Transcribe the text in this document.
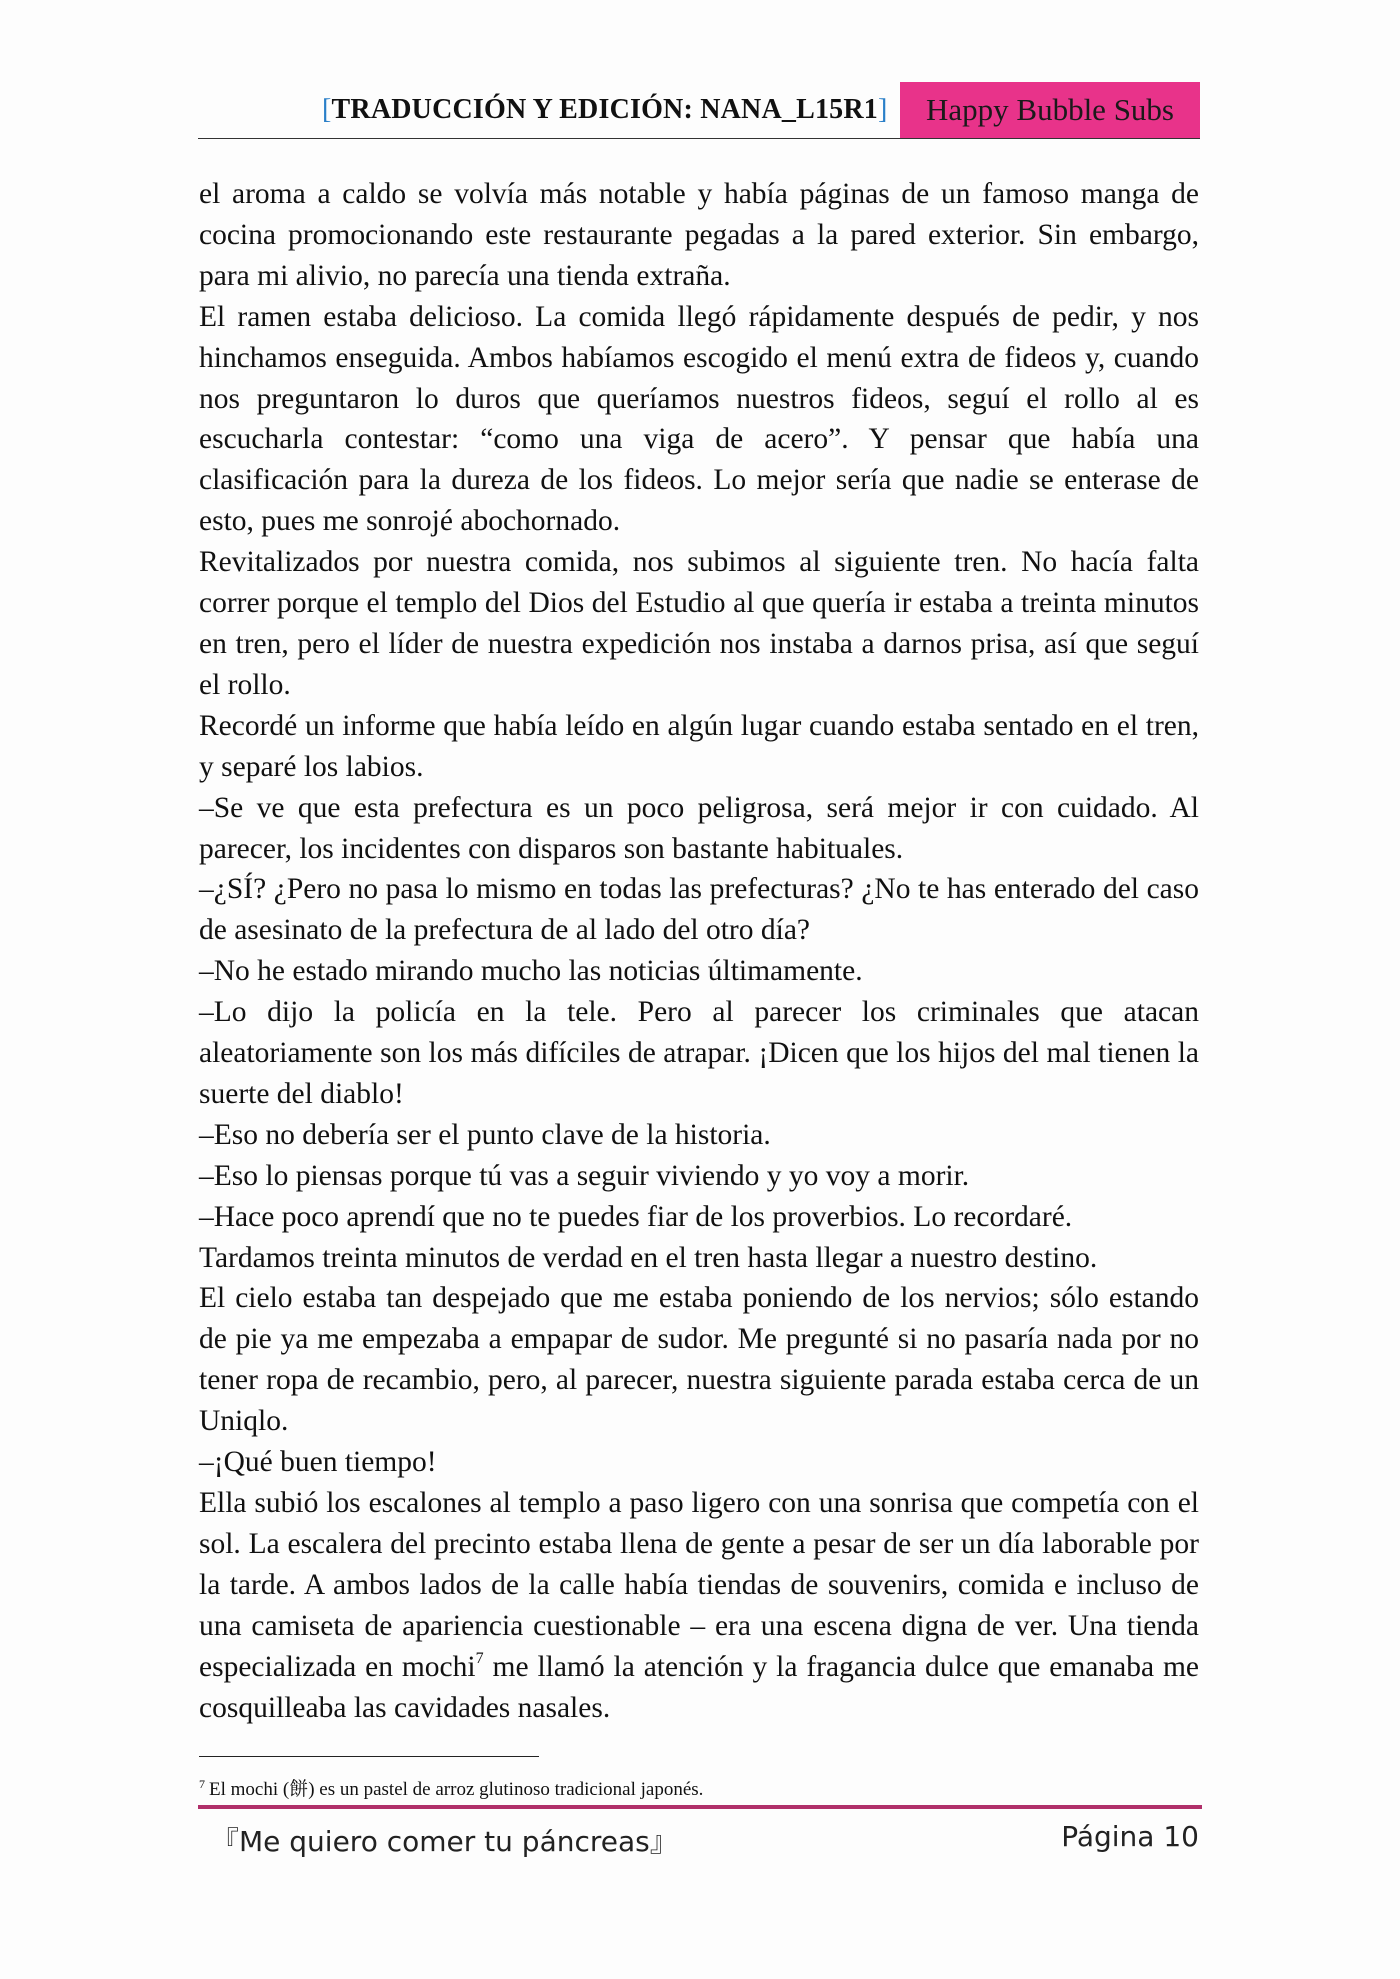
[TRADUCCIÓN Y EDICIÓN: NANA_L15R1]	Happy Bubble Subs

el aroma a caldo se volvía más notable y había páginas de un famoso manga de cocina promocionando este restaurante pegadas a la pared exterior. Sin embargo, para mi alivio, no parecía una tienda extraña.

El ramen estaba delicioso. La comida llegó rápidamente después de pedir, y nos hinchamos enseguida. Ambos habíamos escogido el menú extra de fideos y, cuando nos preguntaron lo duros que queríamos nuestros fideos, seguí el rollo al es escucharla contestar: “como una viga de acero”. Y pensar que había una clasificación para la dureza de los fideos. Lo mejor sería que nadie se enterase de esto, pues me sonrojé abochornado.

Revitalizados por nuestra comida, nos subimos al siguiente tren. No hacía falta correr porque el templo del Dios del Estudio al que quería ir estaba a treinta minutos en tren, pero el líder de nuestra expedición nos instaba a darnos prisa, así que seguí el rollo.

Recordé un informe que había leído en algún lugar cuando estaba sentado en el tren, y separé los labios.

–Se ve que esta prefectura es un poco peligrosa, será mejor ir con cuidado. Al parecer, los incidentes con disparos son bastante habituales.

–¿SÍ? ¿Pero no pasa lo mismo en todas las prefecturas? ¿No te has enterado del caso de asesinato de la prefectura de al lado del otro día?

–No he estado mirando mucho las noticias últimamente.

–Lo dijo la policía en la tele. Pero al parecer los criminales que atacan aleatoriamente son los más difíciles de atrapar. ¡Dicen que los hijos del mal tienen la suerte del diablo!

–Eso no debería ser el punto clave de la historia.

–Eso lo piensas porque tú vas a seguir viviendo y yo voy a morir.

–Hace poco aprendí que no te puedes fiar de los proverbios. Lo recordaré.

Tardamos treinta minutos de verdad en el tren hasta llegar a nuestro destino.

El cielo estaba tan despejado que me estaba poniendo de los nervios; sólo estando de pie ya me empezaba a empapar de sudor. Me pregunté si no pasaría nada por no tener ropa de recambio, pero, al parecer, nuestra siguiente parada estaba cerca de un Uniqlo.

–¡Qué buen tiempo!

Ella subió los escalones al templo a paso ligero con una sonrisa que competía con el sol. La escalera del precinto estaba llena de gente a pesar de ser un día laborable por la tarde. A ambos lados de la calle había tiendas de souvenirs, comida e incluso de una camiseta de apariencia cuestionable – era una escena digna de ver. Una tienda especializada en mochi$^7$ me llamó la atención y la fragancia dulce que emanaba me cosquilleaba las cavidades nasales.

$^7$ El mochi (餅) es un pastel de arroz glutinoso tradicional japonés.
『Me quiero comer tu páncreas』	Página 10
